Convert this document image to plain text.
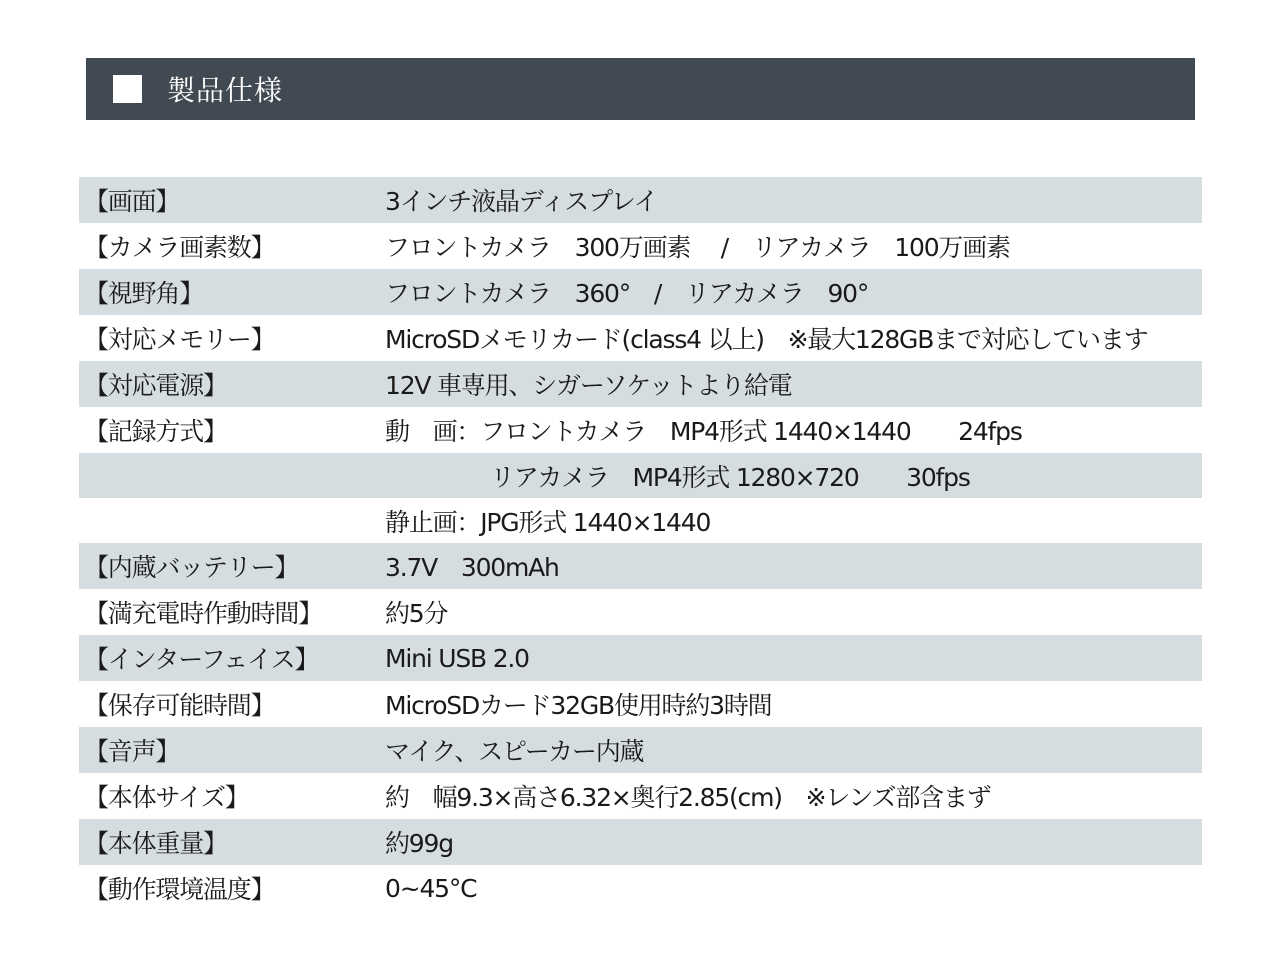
製品仕様
【画面】	3インチ液晶ディスプレイ
【カメラ画素数】	フロントカメラ　300万画素　 /　リアカメラ　100万画素
【視野角】	フロントカメラ　360°　/　リアカメラ　90°
【対応メモリー】	MicroSDメモリカード(class4 以上)　※最大128GBまで対応しています
【対応電源】	12V 車専用、シガーソケットより給電
【記録方式】	動　画：フロントカメラ　MP4形式 1440×1440　　24fps
リアカメラ　MP4形式 1280×720　　30fps
静止画：JPG形式 1440×1440
【内蔵バッテリー】	3.7V　300mAh
【満充電時作動時間】	約5分
【インターフェイス】	Mini USB 2.0
【保存可能時間】	MicroSDカード32GB使用時約3時間
【音声】	マイク、スピーカー内蔵
【本体サイズ】	約　幅9.3×高さ6.32×奥行2.85(cm)　※レンズ部含まず
【本体重量】	約99g
【動作環境温度】	0~45°C
